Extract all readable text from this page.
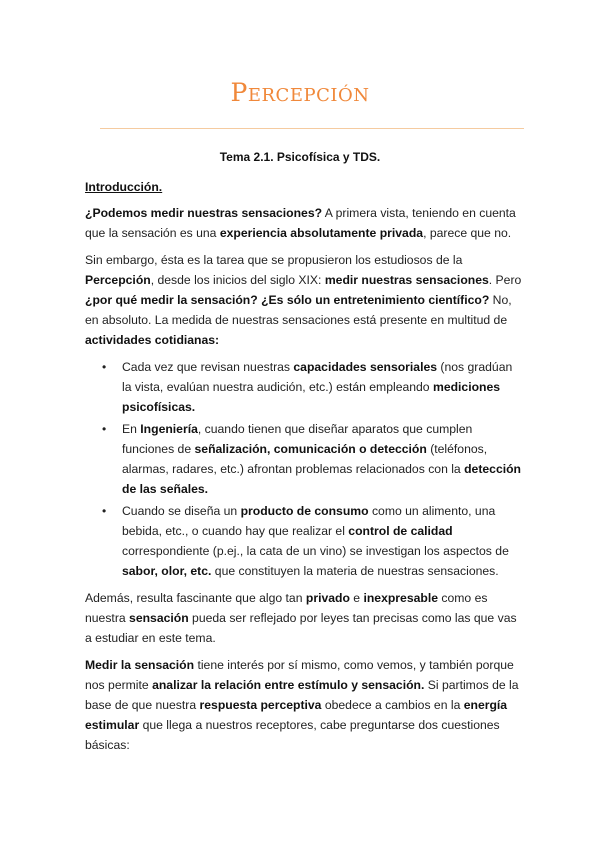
Percepción
Tema 2.1. Psicofísica y TDS.

Introducción.

¿Podemos medir nuestras sensaciones? A primera vista, teniendo en cuenta que la sensación es una experiencia absolutamente privada, parece que no.

Sin embargo, ésta es la tarea que se propusieron los estudiosos de la Percepción, desde los inicios del siglo XIX: medir nuestras sensaciones. Pero ¿por qué medir la sensación? ¿Es sólo un entretenimiento científico? No, en absoluto. La medida de nuestras sensaciones está presente en multitud de actividades cotidianas:

• Cada vez que revisan nuestras capacidades sensoriales (nos gradúan la vista, evalúan nuestra audición, etc.) están empleando mediciones psicofísicas.
• En Ingeniería, cuando tienen que diseñar aparatos que cumplen funciones de señalización, comunicación o detección (teléfonos, alarmas, radares, etc.) afrontan problemas relacionados con la detección de las señales.
• Cuando se diseña un producto de consumo como un alimento, una bebida, etc., o cuando hay que realizar el control de calidad correspondiente (p.ej., la cata de un vino) se investigan los aspectos de sabor, olor, etc. que constituyen la materia de nuestras sensaciones.

Además, resulta fascinante que algo tan privado e inexpresable como es nuestra sensación pueda ser reflejado por leyes tan precisas como las que vas a estudiar en este tema.

Medir la sensación tiene interés por sí mismo, como vemos, y también porque nos permite analizar la relación entre estímulo y sensación. Si partimos de la base de que nuestra respuesta perceptiva obedece a cambios en la energía estimular que llega a nuestros receptores, cabe preguntarse dos cuestiones básicas:
